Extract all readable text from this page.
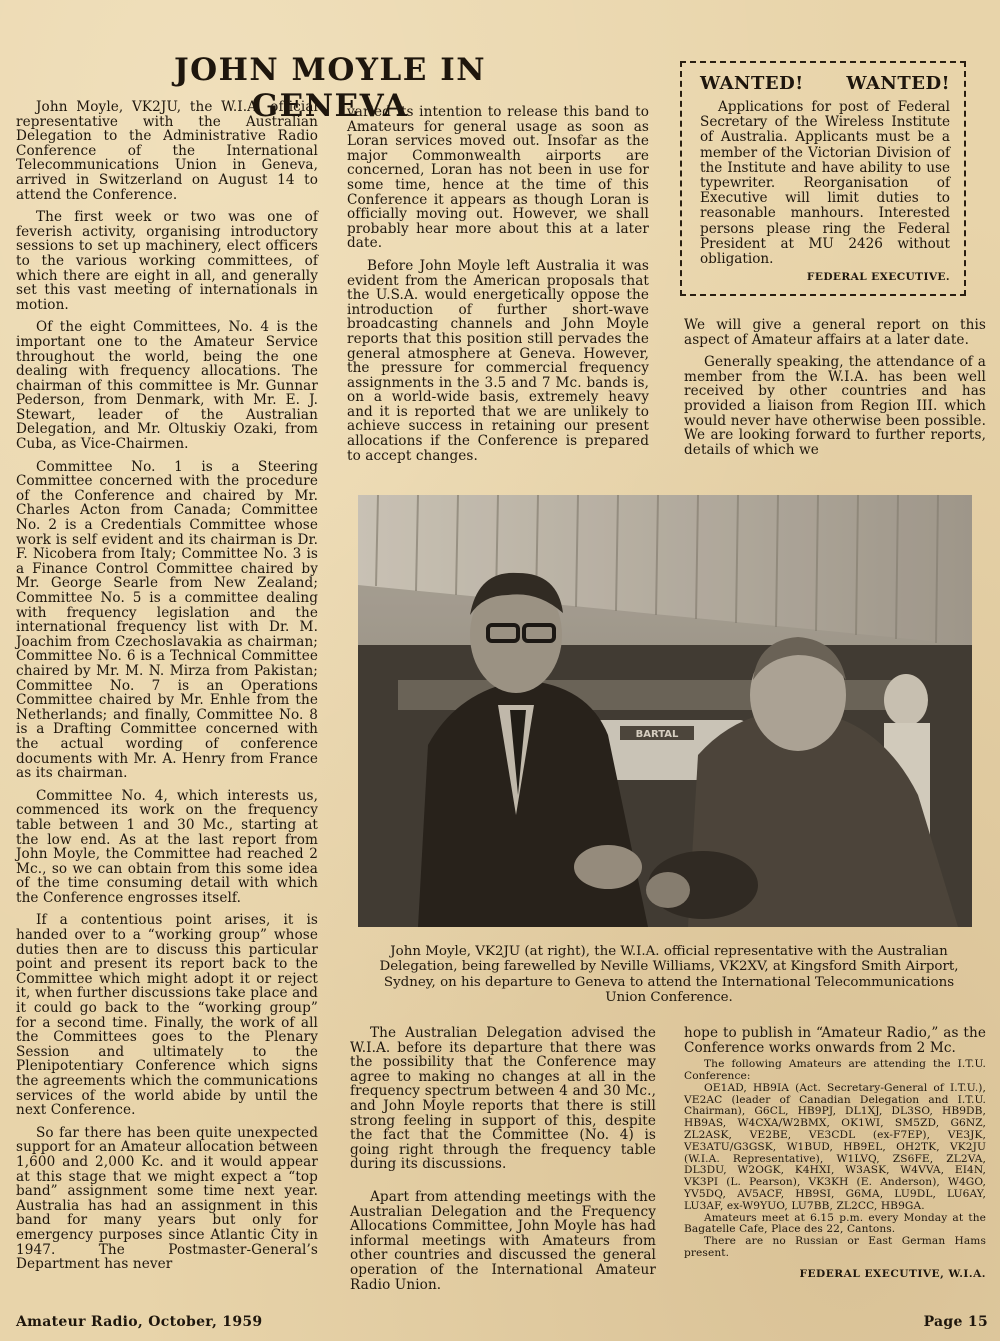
JOHN MOYLE IN GENEVA

John Moyle, VK2JU, the W.I.A. official representative with the Australian Delegation to the Administrative Radio Conference of the International Telecommunications Union in Geneva, arrived in Switzerland on August 14 to attend the Conference.

The first week or two was one of feverish activity, organising introductory sessions to set up machinery, elect officers to the various working committees, of which there are eight in all, and generally set this vast meeting of internationals in motion.

Of the eight Committees, No. 4 is the important one to the Amateur Service throughout the world, being the one dealing with frequency allocations. The chairman of this committee is Mr. Gunnar Pederson, from Denmark, with Mr. E. J. Stewart, leader of the Australian Delegation, and Mr. Oltuskiy Ozaki, from Cuba, as Vice-Chairmen.

Committee No. 1 is a Steering Committee concerned with the procedure of the Conference and chaired by Mr. Charles Acton from Canada; Committee No. 2 is a Credentials Committee whose work is self evident and its chairman is Dr. F. Nicobera from Italy; Committee No. 3 is a Finance Control Committee chaired by Mr. George Searle from New Zealand; Committee No. 5 is a committee dealing with frequency legislation and the international frequency list with Dr. M. Joachim from Czechoslavakia as chairman; Committee No. 6 is a Technical Committee chaired by Mr. M. N. Mirza from Pakistan; Committee No. 7 is an Operations Committee chaired by Mr. Enhle from the Netherlands; and finally, Committee No. 8 is a Drafting Committee concerned with the actual wording of conference documents with Mr. A. Henry from France as its chairman.

Committee No. 4, which interests us, commenced its work on the frequency table between 1 and 30 Mc., starting at the low end. As at the last report from John Moyle, the Committee had reached 2 Mc., so we can obtain from this some idea of the time consuming detail with which the Conference engrosses itself.

If a contentious point arises, it is handed over to a “working group” whose duties then are to discuss this particular point and present its report back to the Committee which might adopt it or reject it, when further discussions take place and it could go back to the “working group” for a second time. Finally, the work of all the Committees goes to the Plenary Session and ultimately to the Plenipotentiary Conference which signs the agreements which the communications services of the world abide by until the next Conference.

So far there has been quite unexpected support for an Amateur allocation between 1,600 and 2,000 Kc. and it would appear at this stage that we might expect a “top band” assignment some time next year. Australia has had an assignment in this band for many years but only for emergency purposes since Atlantic City in 1947. The Postmaster-General’s Department has never

varied its intention to release this band to Amateurs for general usage as soon as Loran services moved out. Insofar as the major Commonwealth airports are concerned, Loran has not been in use for some time, hence at the time of this Conference it appears as though Loran is officially moving out. However, we shall probably hear more about this at a later date.

Before John Moyle left Australia it was evident from the American proposals that the U.S.A. would energetically oppose the introduction of further short-wave broadcasting channels and John Moyle reports that this position still pervades the general atmosphere at Geneva. However, the pressure for commercial frequency assignments in the 3.5 and 7 Mc. bands is, on a world-wide basis, extremely heavy and it is reported that we are unlikely to achieve success in retaining our present allocations if the Conference is prepared to accept changes.

WANTED! WANTED!

Applications for post of Federal Secretary of the Wireless Institute of Australia. Applicants must be a member of the Victorian Division of the Institute and have ability to use typewriter. Reorganisation of Executive will limit duties to reasonable manhours. Interested persons please ring the Federal President at MU 2426 without obligation.

FEDERAL EXECUTIVE.

We will give a general report on this aspect of Amateur affairs at a later date.

Generally speaking, the attendance of a member from the W.I.A. has been well received by other countries and has provided a liaison from Region III. which would never have otherwise been possible. We are looking forward to further reports, details of which we

BARTAL
John Moyle, VK2JU (at right), the W.I.A. official representative with the Australian Delegation, being farewelled by Neville Williams, VK2XV, at Kingsford Smith Airport, Sydney, on his departure to Geneva to attend the International Telecommunications Union Conference.

The Australian Delegation advised the W.I.A. before its departure that there was the possibility that the Conference may agree to making no changes at all in the frequency spectrum between 4 and 30 Mc., and John Moyle reports that there is still strong feeling in support of this, despite the fact that the Committee (No. 4) is going right through the frequency table during its discussions.

Apart from attending meetings with the Australian Delegation and the Frequency Allocations Committee, John Moyle has had informal meetings with Amateurs from other countries and discussed the general operation of the International Amateur Radio Union.

hope to publish in “Amateur Radio,” as the Conference works onwards from 2 Mc.

The following Amateurs are attending the I.T.U. Conference:

OE1AD, HB9IA (Act. Secretary-General of I.T.U.), VE2AC (leader of Canadian Delegation and I.T.U. Chairman), G6CL, HB9PJ, DL1XJ, DL3SO, HB9DB, HB9AS, W4CXA/W2BMX, OK1WI, SM5ZD, G6NZ, ZL2ASK, VE2BE, VE3CDL (ex-F7EP), VE3JK, VE3ATU/G3GSK, W1BUD, HB9EL, OH2TK, VK2JU (W.I.A. Representative), W1LVQ, ZS6FE, ZL2VA, DL3DU, W2OGK, K4HXI, W3ASK, W4VVA, EI4N, VK3PI (L. Pearson), VK3KH (E. Anderson), W4GO, YV5DQ, AV5ACF, HB9SI, G6MA, LU9DL, LU6AY, LU3AF, ex-W9YUO, LU7BB, ZL2CC, HB9GA.

Amateurs meet at 6.15 p.m. every Monday at the Bagatelle Cafe, Place des 22, Cantons.

There are no Russian or East German Hams present.

FEDERAL EXECUTIVE, W.I.A.

Amateur Radio, October, 1959	Page 15
